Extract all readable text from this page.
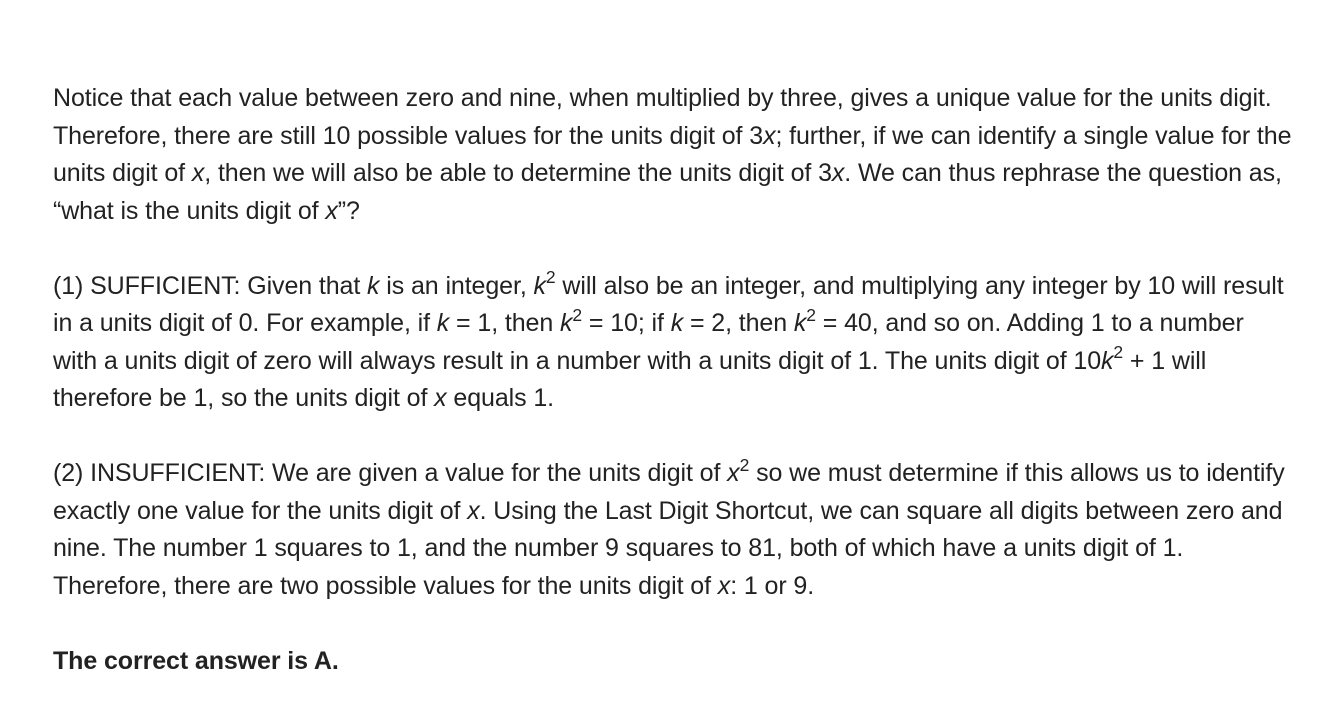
Notice that each value between zero and nine, when multiplied by three, gives a unique value for the units digit. Therefore, there are still 10 possible values for the units digit of 3x; further, if we can identify a single value for the units digit of x, then we will also be able to determine the units digit of 3x. We can thus rephrase the question as, “what is the units digit of x”?

(1) SUFFICIENT: Given that k is an integer, $k^2$ will also be an integer, and multiplying any integer by 10 will result in a units digit of 0. For example, if k = 1, then $k^2 = 10$; if k = 2, then $k^2 = 40$, and so on. Adding 1 to a number with a units digit of zero will always result in a number with a units digit of 1. The units digit of $10k^2 + 1$ will therefore be 1, so the units digit of x equals 1.

(2) INSUFFICIENT: We are given a value for the units digit of $x^2$ so we must determine if this allows us to identify exactly one value for the units digit of x. Using the Last Digit Shortcut, we can square all digits between zero and nine. The number 1 squares to 1, and the number 9 squares to 81, both of which have a units digit of 1. Therefore, there are two possible values for the units digit of x: 1 or 9.

The correct answer is A.
